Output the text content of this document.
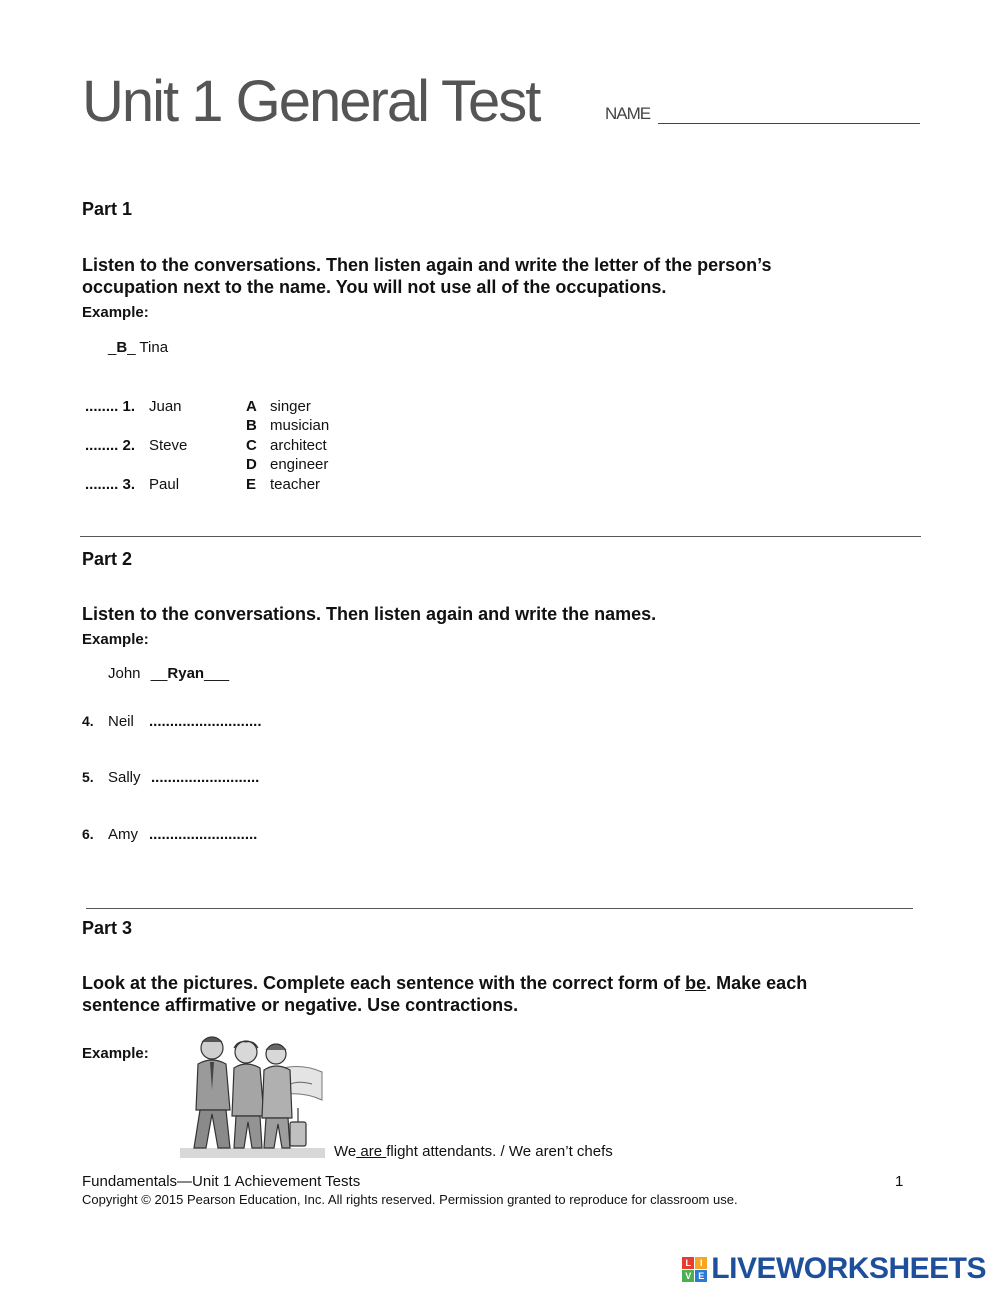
Unit 1 General Test	NAME
Part 1
Listen to the conversations. Then listen again and write the letter of the person’s
occupation next to the name. You will not use all of the occupations.
Example:
_B_ Tina
........ 1. Juan
........ 2. Steve
........ 3. Paul
A singer
B musician
C architect
D engineer
E teacher
Part 2
Listen to the conversations. Then listen again and write the names.
Example:
John __Ryan___
4. Neil ...........................
5. Sally ..........................
6. Amy ..........................
Part 3
Look at the pictures. Complete each sentence with the correct form of be. Make each
sentence affirmative or negative. Use contractions.
Example:
We are flight attendants. / We aren’t chefs
Fundamentals—Unit 1 Achievement Tests	1
Copyright © 2015 Pearson Education, Inc. All rights reserved. Permission granted to reproduce for classroom use.
L I
V E LIVEWORKSHEETS
